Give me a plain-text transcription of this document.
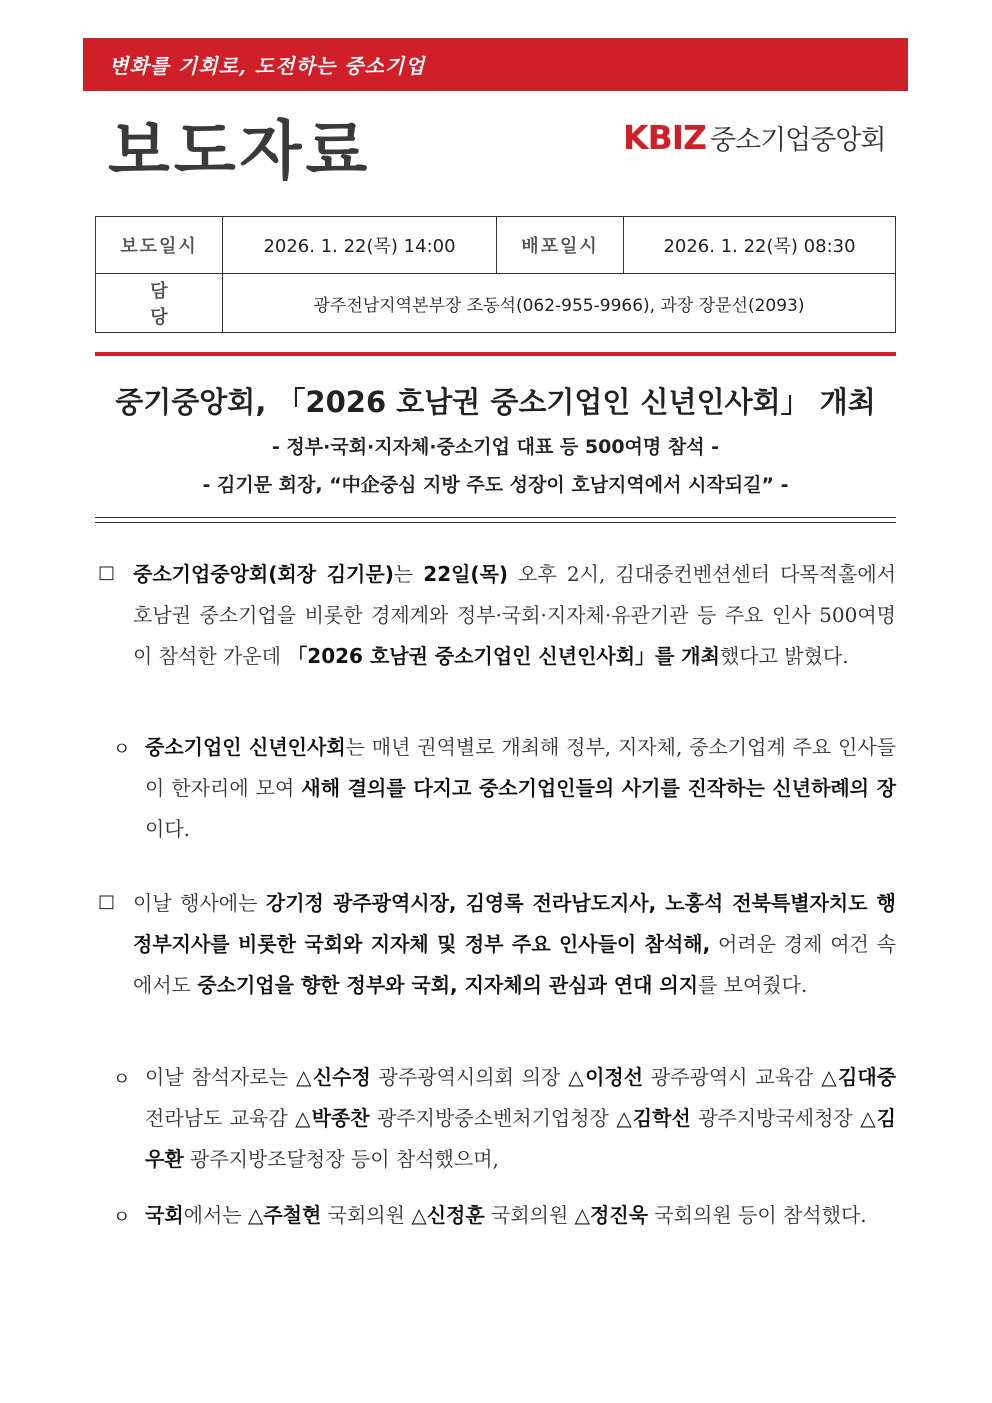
변화를 기회로, 도전하는 중소기업
보도자료	KBIZ 중소기업중앙회
보도일시	2026. 1. 22(목) 14:00	배포일시	2026. 1. 22(목) 08:30
담당	광주전남지역본부장 조동석(062-955-9966), 과장 장문선(2093)		
중기중앙회, 「2026 호남권 중소기업인 신년인사회」 개최
- 정부·국회·지자체·중소기업 대표 등 500여명 참석 -
- 김기문 회장, “中企중심 지방 주도 성장이 호남지역에서 시작되길” -
□ 중소기업중앙회(회장 김기문)는 22일(목) 오후 2시, 김대중컨벤션센터 다목적홀에서 호남권 중소기업을 비롯한 경제계와 정부·국회·지자체·유관기관 등 주요 인사 500여명이 참석한 가운데 「2026 호남권 중소기업인 신년인사회」를 개최했다고 밝혔다.
ㅇ 중소기업인 신년인사회는 매년 권역별로 개최해 정부, 지자체, 중소기업계 주요 인사들이 한자리에 모여 새해 결의를 다지고 중소기업인들의 사기를 진작하는 신년하례의 장이다.
□ 이날 행사에는 강기정 광주광역시장, 김영록 전라남도지사, 노홍석 전북특별자치도 행정부지사를 비롯한 국회와 지자체 및 정부 주요 인사들이 참석해, 어려운 경제 여건 속에서도 중소기업을 향한 정부와 국회, 지자체의 관심과 연대 의지를 보여줬다.
ㅇ 이날 참석자로는 △신수정 광주광역시의회 의장 △이정선 광주광역시 교육감 △김대중 전라남도 교육감 △박종찬 광주지방중소벤처기업청장 △김학선 광주지방국세청장 △김우환 광주지방조달청장 등이 참석했으며,
ㅇ 국회에서는 △주철현 국회의원 △신정훈 국회의원 △정진욱 국회의원 등이 참석했다.
